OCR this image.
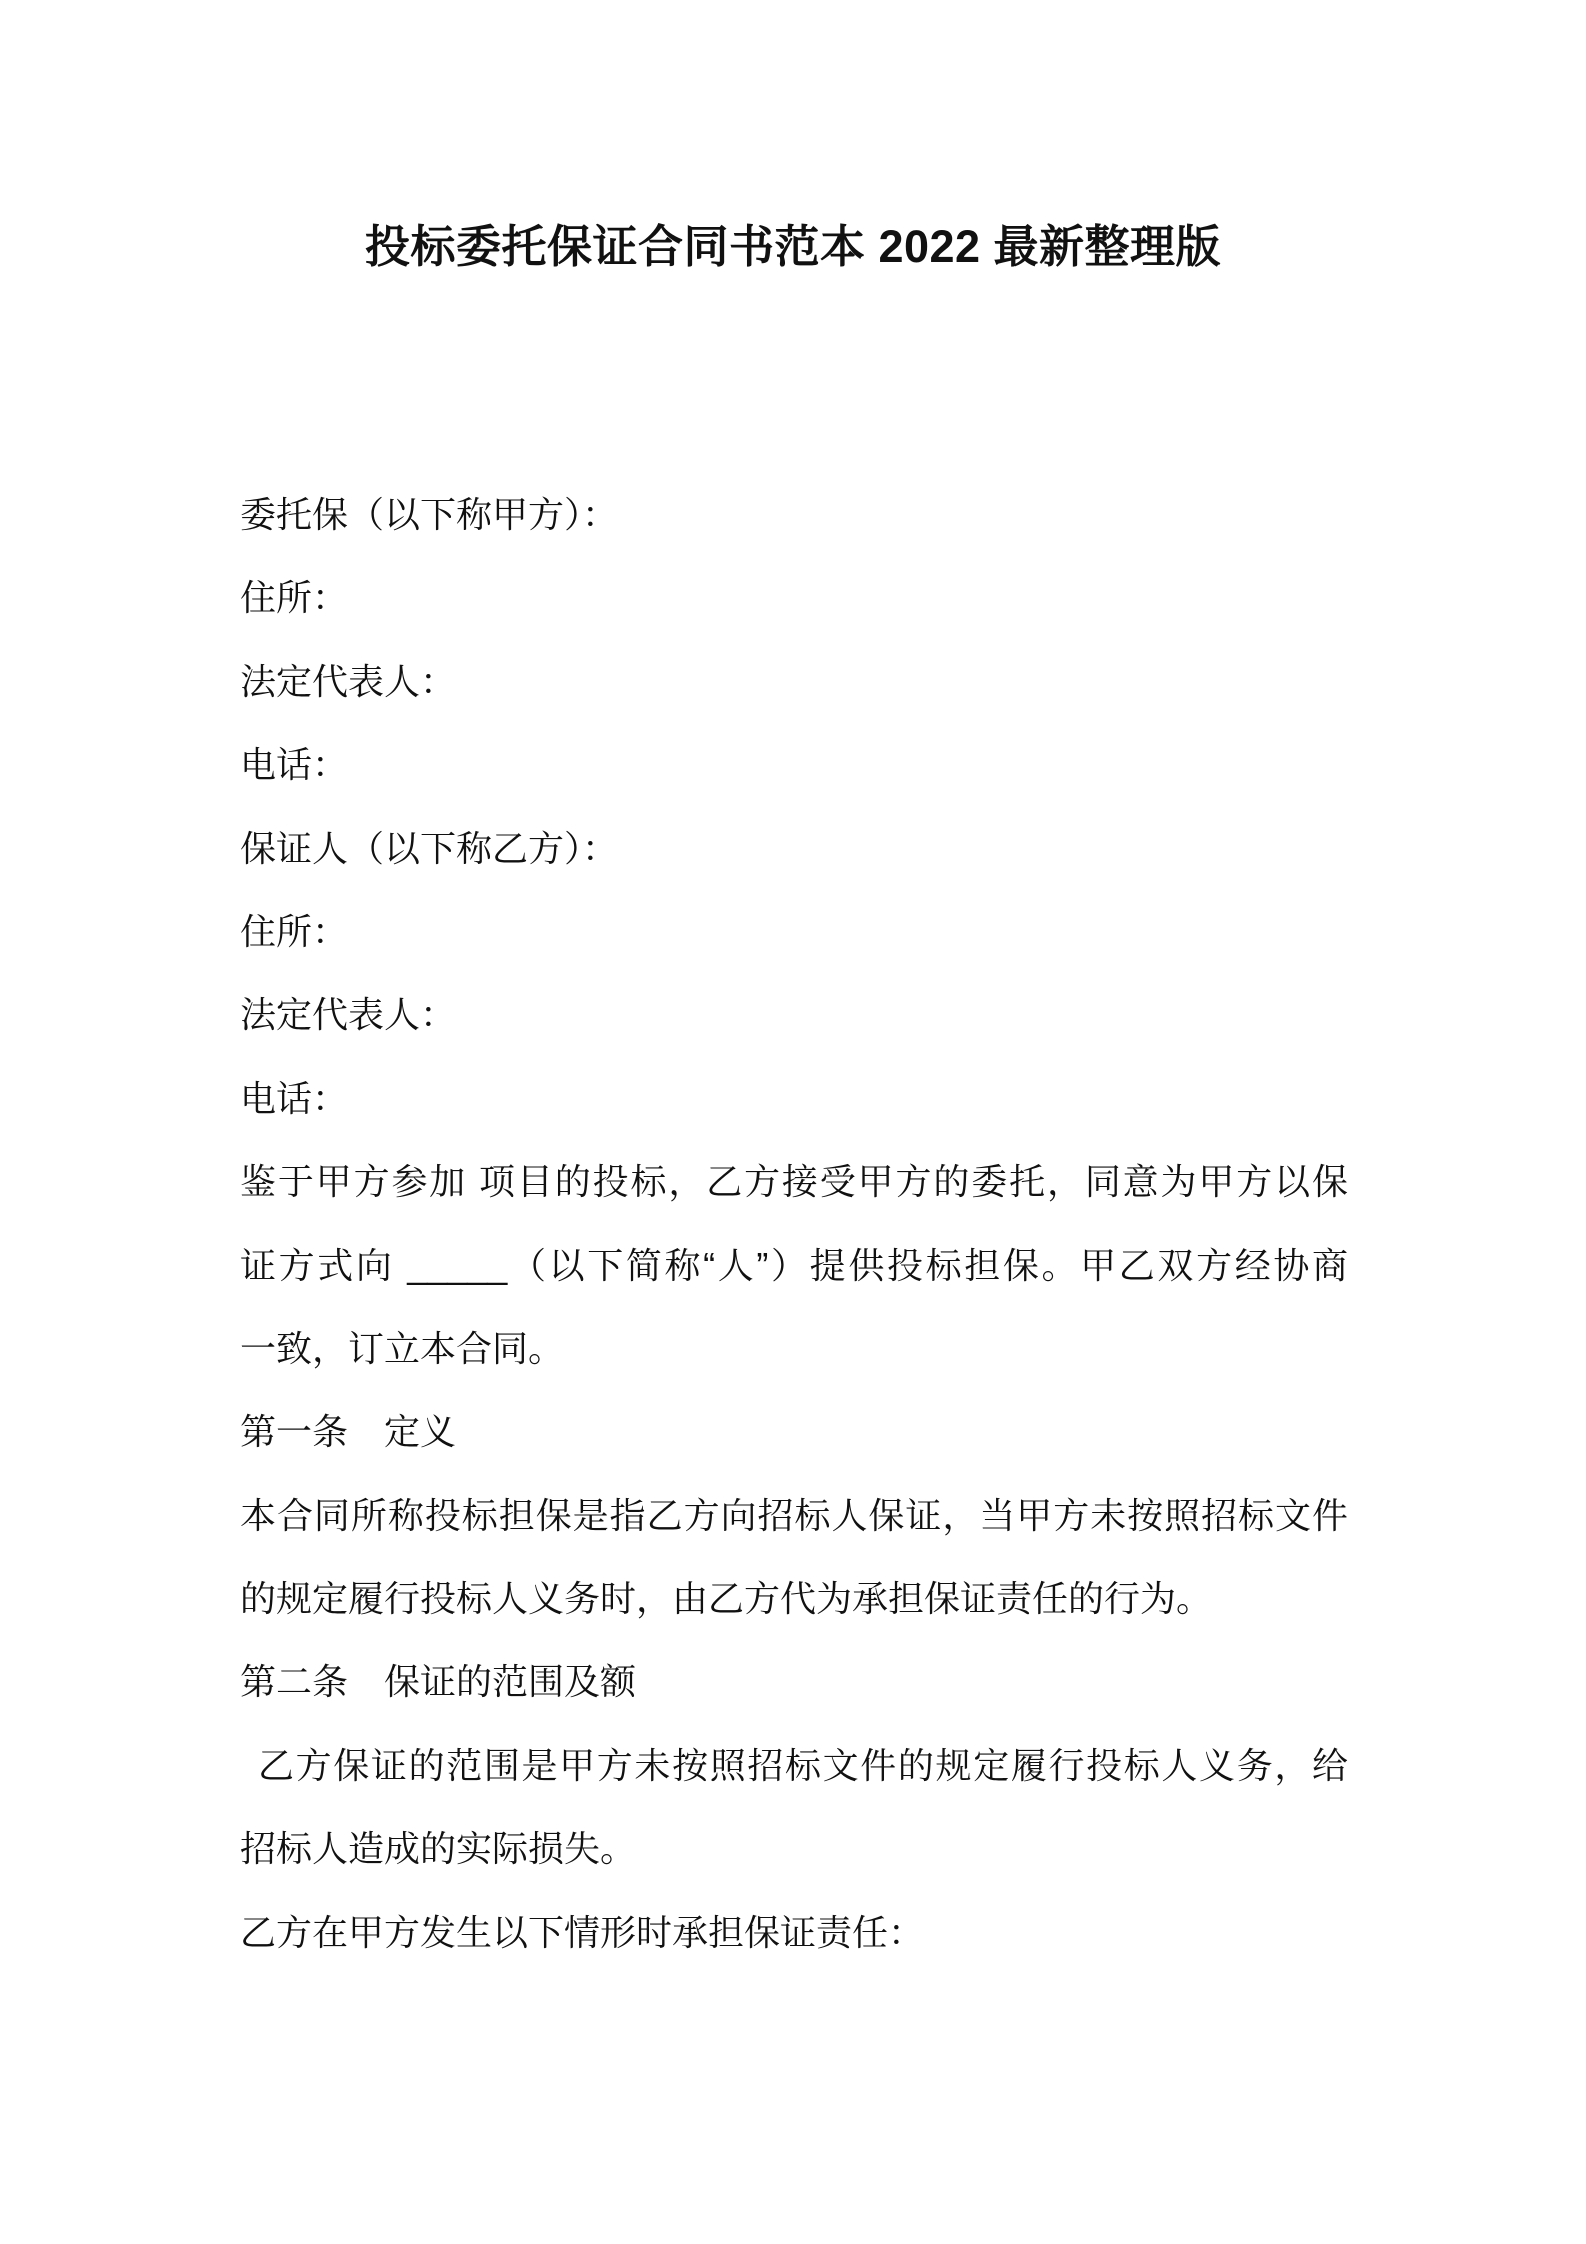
投标委托保证合同书范本 2022 最新整理版
委托保（以下称甲方）：
住所：
法定代表人：
电话：
保证人（以下称乙方）：
住所：
法定代表人：
电话：
鉴于甲方参加 项目的投标，乙方接受甲方的委托，同意为甲方以保
证方式向 _____（以下简称“人”）提供投标担保。甲乙双方经协商
一致，订立本合同。
第一条　定义
本合同所称投标担保是指乙方向招标人保证，当甲方未按照招标文件
的规定履行投标人义务时，由乙方代为承担保证责任的行为。
第二条　保证的范围及额
乙方保证的范围是甲方未按照招标文件的规定履行投标人义务，给
招标人造成的实际损失。
乙方在甲方发生以下情形时承担保证责任：
